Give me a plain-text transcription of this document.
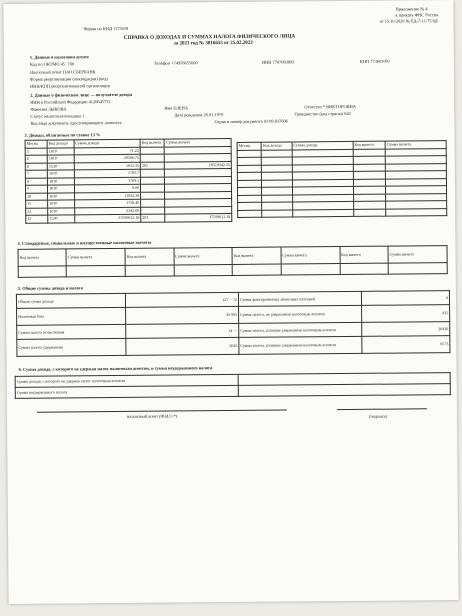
Приложение № 4
к приказу ФНС России
от 15.10.2020 № ЕД-7-11/753@
Форма по КНД 1175018
СПРАВКА О ДОХОДАХ И СУММАХ НАЛОГА ФИЗИЧЕСКОГО ЛИЦА
за 2021 год № 3816655 от 25.02.2022
1. Данные о налоговом агенте
Код по ОКТМО 45 ·700	Телефон +74956655600	ИНН 7707083893	КПП 773601001
Налоговый агент ПАО СБЕРБАНК
Форма реорганизации (ликвидации) (код)
ИНН/КПП реорганизованной организации
2. Данные о физическом лице — получателе дохода
ИНН в Российской Федерации 4126645752
Фамилия ЗЫКОВА	Имя ЕЛЕНА	Отчество * ВИКТОРОВНА
Статус налогоплательщика 1	Дата рождения 26.01.1979	Гражданство (код страны) 643
Код вида документа, удостоверяющего личность	Серия и номер документа 03 08 837606
3. Доходы, облагаемые по ставке 13 %
Месяц	Код дохода	Сумма дохода	Код вычета	Сумма вычета
5	1010	71.22		
6	1010	20566.75		
6	1530	1832.35	201	18518342.35
7	1010	1783.7		
8	1010	1769.1		
9	1010	6.00		
10	1010	11924.38		
11	1010	1758.40		
12	1010	2342.00		
12	1530	37599612.18	201	37599612.18
Месяц	Код дохода	Сумма дохода	Код вычета	Сумма вычета

4. Стандартные, социальные и имущественные налоговые вычеты
Код вычета	Сумма вычета	Код вычета	Сумма вычета	Код вычета	Сумма вычета	Код вычета	Сумма вычета

5. Общие суммы дохода и налога
Общая сумма дохода	127 ·· 72	Сумма фиксированных авансовых платежей	0
Налоговая база	20 993	Сумма налога, не удержанная налоговым агентом	435
Сумма налога исчисленная	14 ···	Сумма налога, излишне удержанная налоговым агентом	20436
Сумма налога удержанная	2043	Сумма налога, излишне удержанная налоговым агентом	6573
6. Сумма дохода, с которого не удержан налог налоговым агентом, и сумма неудержанного налога
Сумма дохода, с которого не удержан налог налоговым агентом	
Сумма неудержанного налога	
налоговый агент (Ф.И.О.*)	(подпись)
